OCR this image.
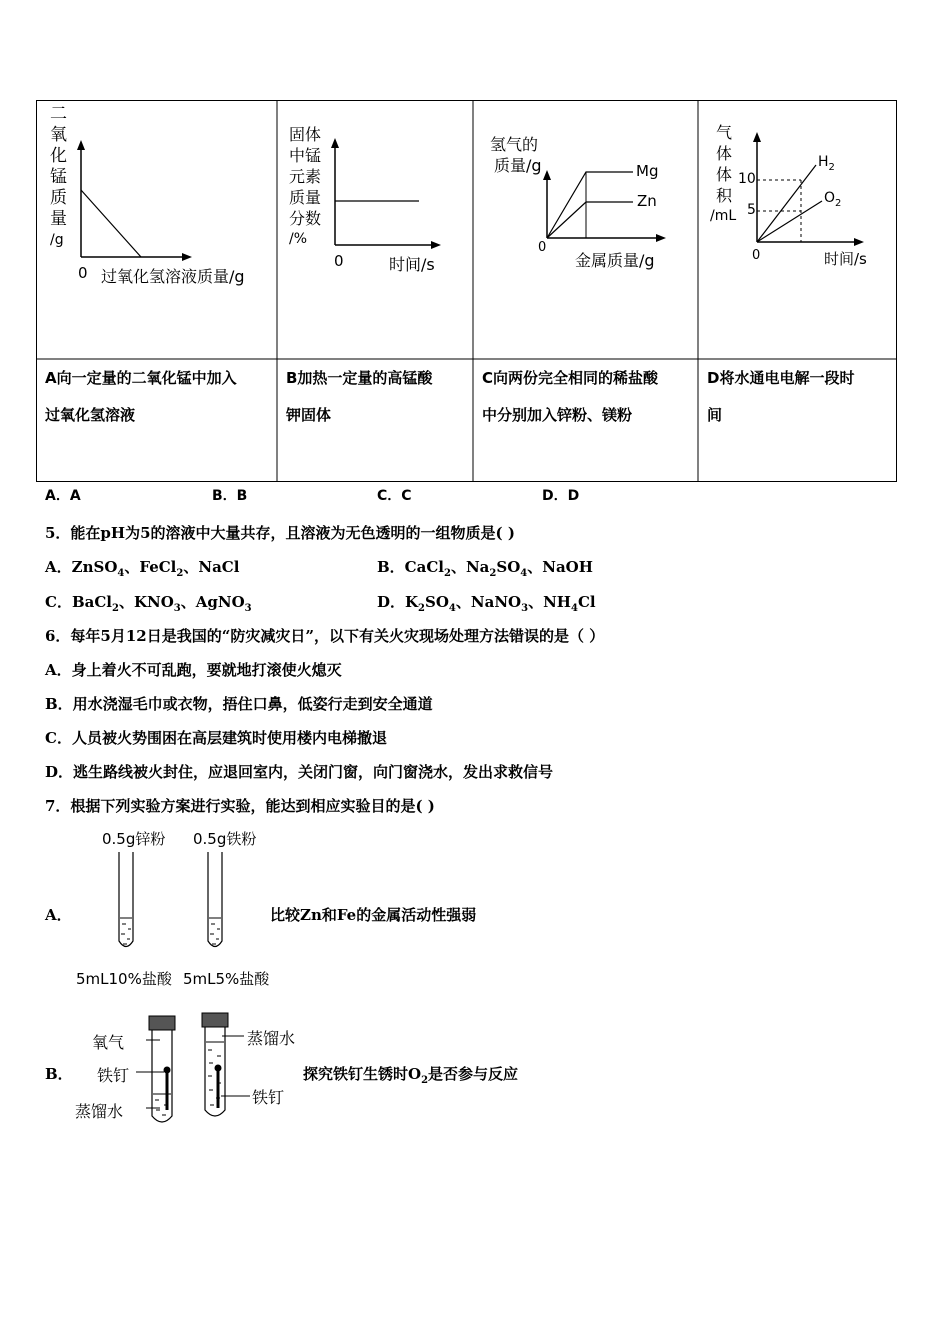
二
氧
化
锰
质
量
/g
0 过氧化氢溶液质量/g
固体
中锰
元素
质量
分数
/%
0	时间/s
氢气的
质量/g	Mg
Zn
0
金属质量/g
气
体
体
积
/mL
10
5
$H_2$
$O_2$
0	时间/s
A向一定量的二氧化锰中加入
过氧化氢溶液
B加热一定量的高锰酸
钾固体
C向两份完全相同的稀盐酸
中分别加入锌粉、镁粉
D将水通电电解一段时
间
A．A	B．B	C．C	D．D
5．能在pH为5的溶液中大量共存，且溶液为无色透明的一组物质是( )
A．ZnSO$_4$、FeCl$_2$、NaCl	B．CaCl$_2$、$Na_2SO_4$、NaOH
C．BaCl$_2$、$KNO_3$、AgNO$_3$	D．$K_2SO_4$、NaNO$_3$、$NH_4Cl$
6．每年5月12日是我国的“防灾减灾日”，以下有关火灾现场处理方法错误的是（ ）
A．身上着火不可乱跑，要就地打滚使火熄灭
B．用水浇湿毛巾或衣物，捂住口鼻，低姿行走到安全通道
C．人员被火势围困在高层建筑时使用楼内电梯撤退
D．逃生路线被火封住，应退回室内，关闭门窗，向门窗浇水，发出求救信号
7．根据下列实验方案进行实验，能达到相应实验目的是( )
A．
0.5g锌粉 0.5g铁粉
5mL10%盐酸 5mL5%盐酸
比较Zn和Fe的金属活动性强弱
B．
氧气
铁钉
蒸馏水
蒸馏水
铁钉
探究铁钉生锈时$O_2$是否参与反应
